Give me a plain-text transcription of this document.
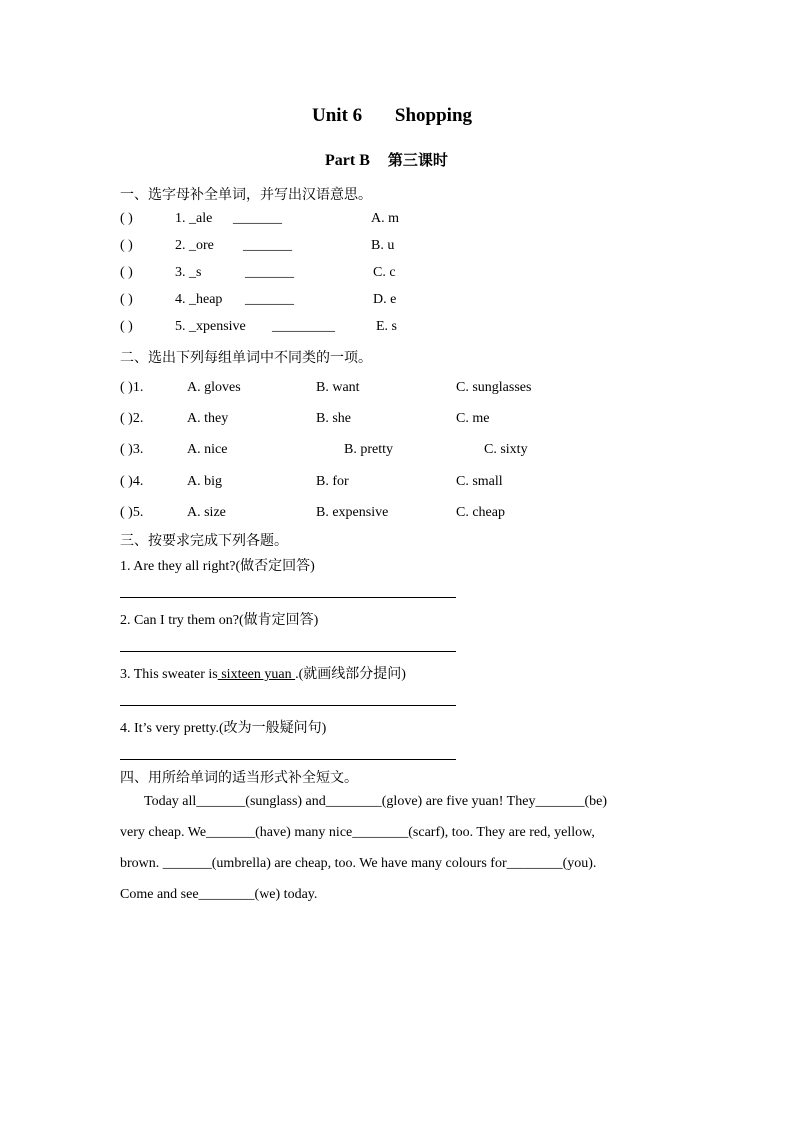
Unit 6 Shopping
Part B 第三课时
一、选字母补全单词，并写出汉语意思。
( )	1. _ale _______	A. m
( )	2. _ore _______	B. u
( )	3. _s	_______	C. c
( )	4. _heap _______	D. e
( )	5. _xpensive _________	E. s
二、选出下列每组单词中不同类的一项。
( )1.	A. gloves	B. want	C. sunglasses
( )2.	A. they	B. she	C. me
( )3.	A. nice	B. pretty	C. sixty
( )4.	A. big	B. for	C. small
( )5.	A. size	B. expensive	C. cheap
三、按要求完成下列各题。
1. Are they all right?(做否定回答)
2. Can I try them on?(做肯定回答)
3. This sweater is sixteen yuan .(就画线部分提问)
4. It’s very pretty.(改为一般疑问句)
四、用所给单词的适当形式补全短文。
Today all_______(sunglass) and________(glove) are five yuan! They_______(be)
very cheap. We_______(have) many nice________(scarf), too. They are red, yellow,
brown. _______(umbrella) are cheap, too. We have many colours for________(you).
Come and see________(we) today.
